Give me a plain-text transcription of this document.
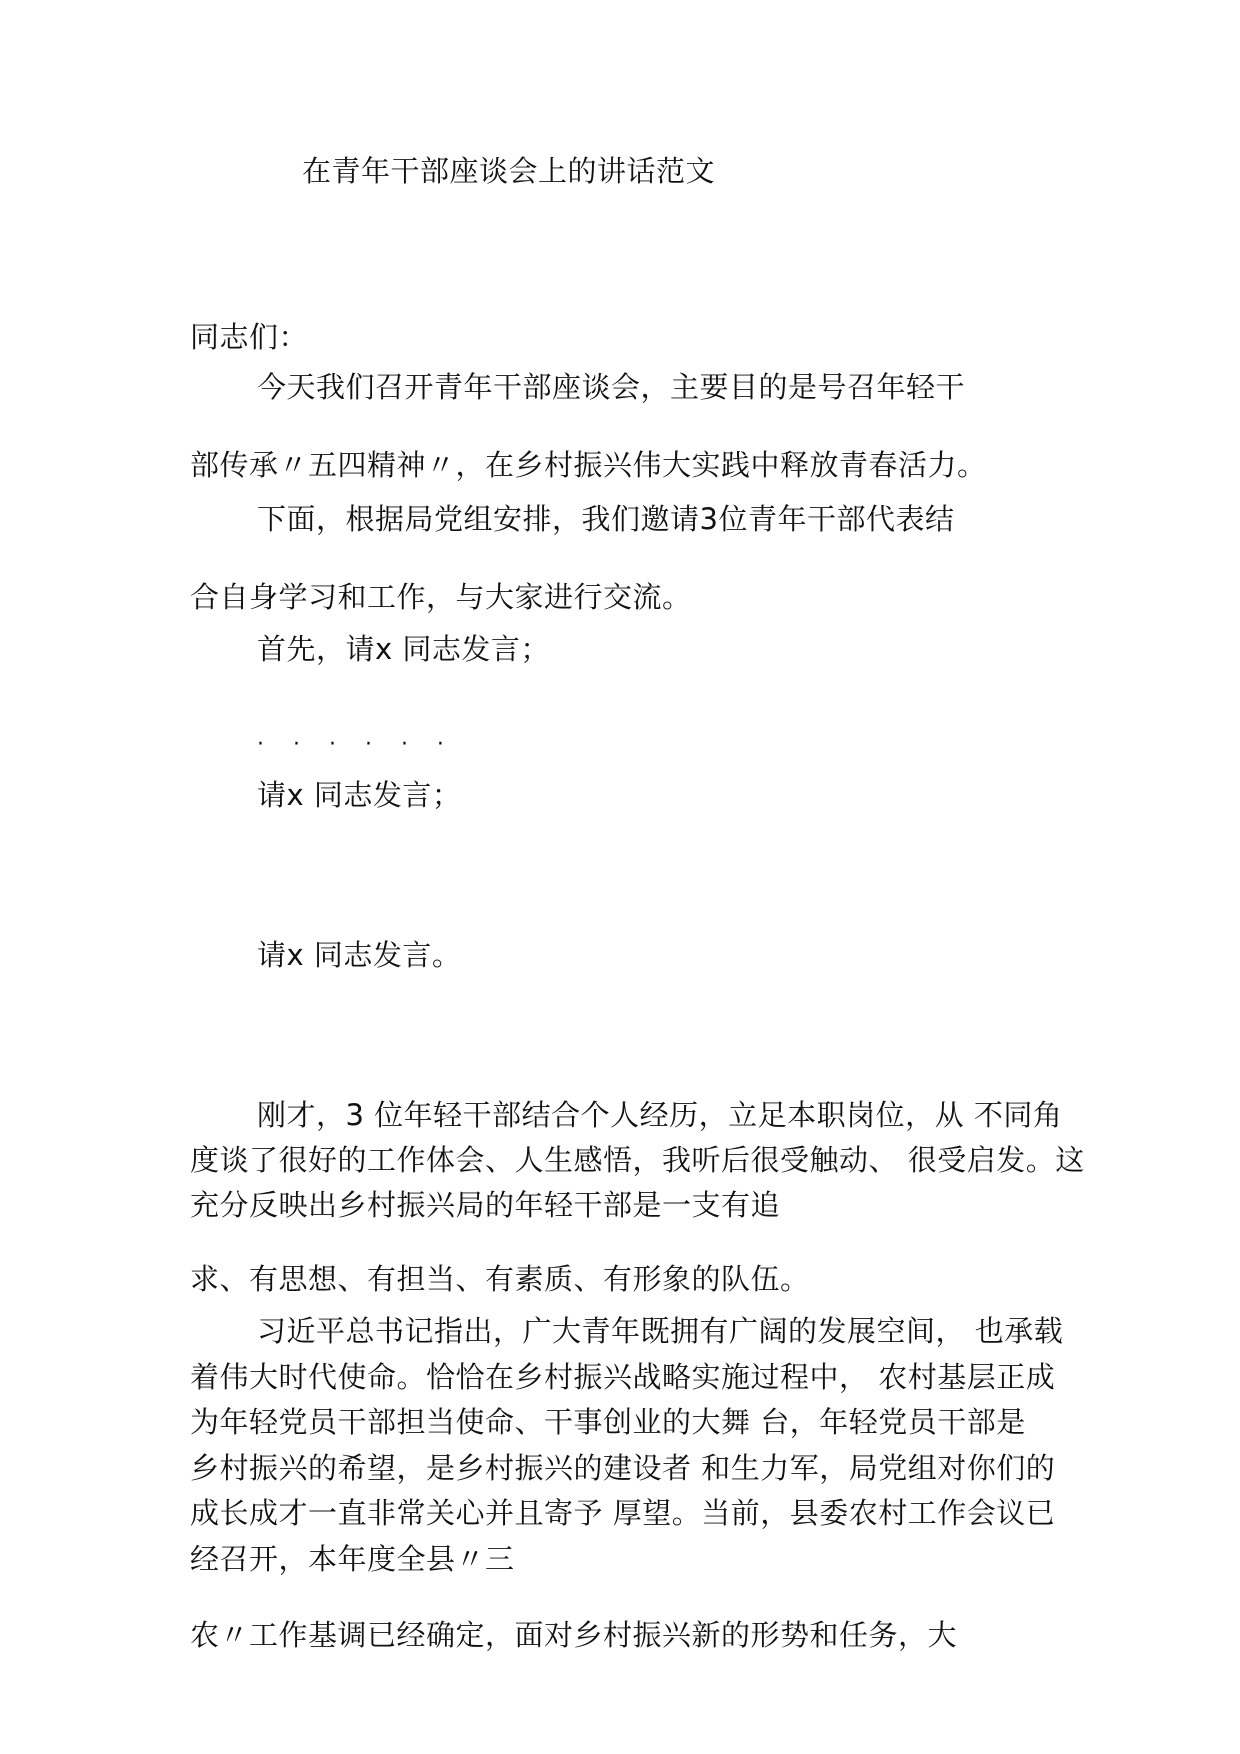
在青年干部座谈会上的讲话范文
同志们：
今天我们召开青年干部座谈会，主要目的是号召年轻干
部传承〃五四精神〃，在乡村振兴伟大实践中释放青春活力。
下面，根据局党组安排，我们邀请3位青年干部代表结
合自身学习和工作，与大家进行交流。
首先，请x 同志发言；
· · · · · ·
请x 同志发言；
请x 同志发言。
刚才，3 位年轻干部结合个人经历，立足本职岗位，从 不同角
度谈了很好的工作体会、人生感悟，我听后很受触动、 很受启发。这
充分反映出乡村振兴局的年轻干部是一支有追
求、有思想、有担当、有素质、有形象的队伍。
习近平总书记指出，广大青年既拥有广阔的发展空间， 也承载
着伟大时代使命。恰恰在乡村振兴战略实施过程中， 农村基层正成
为年轻党员干部担当使命、干事创业的大舞 台，年轻党员干部是
乡村振兴的希望，是乡村振兴的建设者 和生力军，局党组对你们的
成长成才一直非常关心并且寄予 厚望。当前，县委农村工作会议已
经召开，本年度全县〃三
农〃工作基调已经确定，面对乡村振兴新的形势和任务，大
